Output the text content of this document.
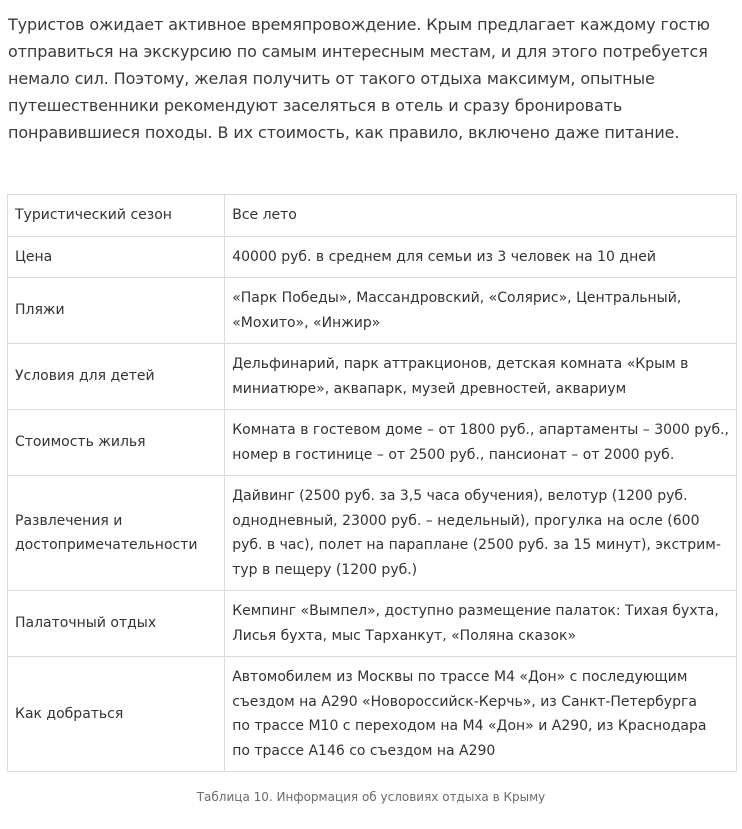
Туристов ожидает активное времяпровождение. Крым предлагает каждому гостю
отправиться на экскурсию по самым интересным местам, и для этого потребуется
немало сил. Поэтому, желая получить от такого отдыха максимум, опытные
путешественники рекомендуют заселяться в отель и сразу бронировать
понравившиеся походы. В их стоимость, как правило, включено даже питание.

Туристический сезон	Все лето

Цена	40000 руб. в среднем для семьи из 3 человек на 10 дней

Пляжи	«Парк Победы», Массандровский, «Солярис», Центральный,
«Мохито», «Инжир»

Условия для детей	Дельфинарий, парк аттракционов, детская комната «Крым в
миниатюре», аквапарк, музей древностей, аквариум

Стоимость жилья	Комната в гостевом доме – от 1800 руб., апартаменты – 3000 руб.,
номер в гостинице – от 2500 руб., пансионат – от 2000 руб.

Развлечения и
достопримечательности	Дайвинг (2500 руб. за 3,5 часа обучения), велотур (1200 руб.
однодневный, 23000 руб. – недельный), прогулка на осле (600
руб. в час), полет на параплане (2500 руб. за 15 минут), экстрим-
тур в пещеру (1200 руб.)

Палаточный отдых	Кемпинг «Вымпел», доступно размещение палаток: Тихая бухта,
Лисья бухта, мыс Тарханкут, «Поляна сказок»

Как добраться	Автомобилем из Москвы по трассе М4 «Дон» с последующим
съездом на А290 «Новороссийск-Керчь», из Санкт-Петербурга
по трассе М10 с переходом на М4 «Дон» и А290, из Краснодара
по трассе А146 со съездом на А290
Таблица 10. Информация об условиях отдыха в Крыму
